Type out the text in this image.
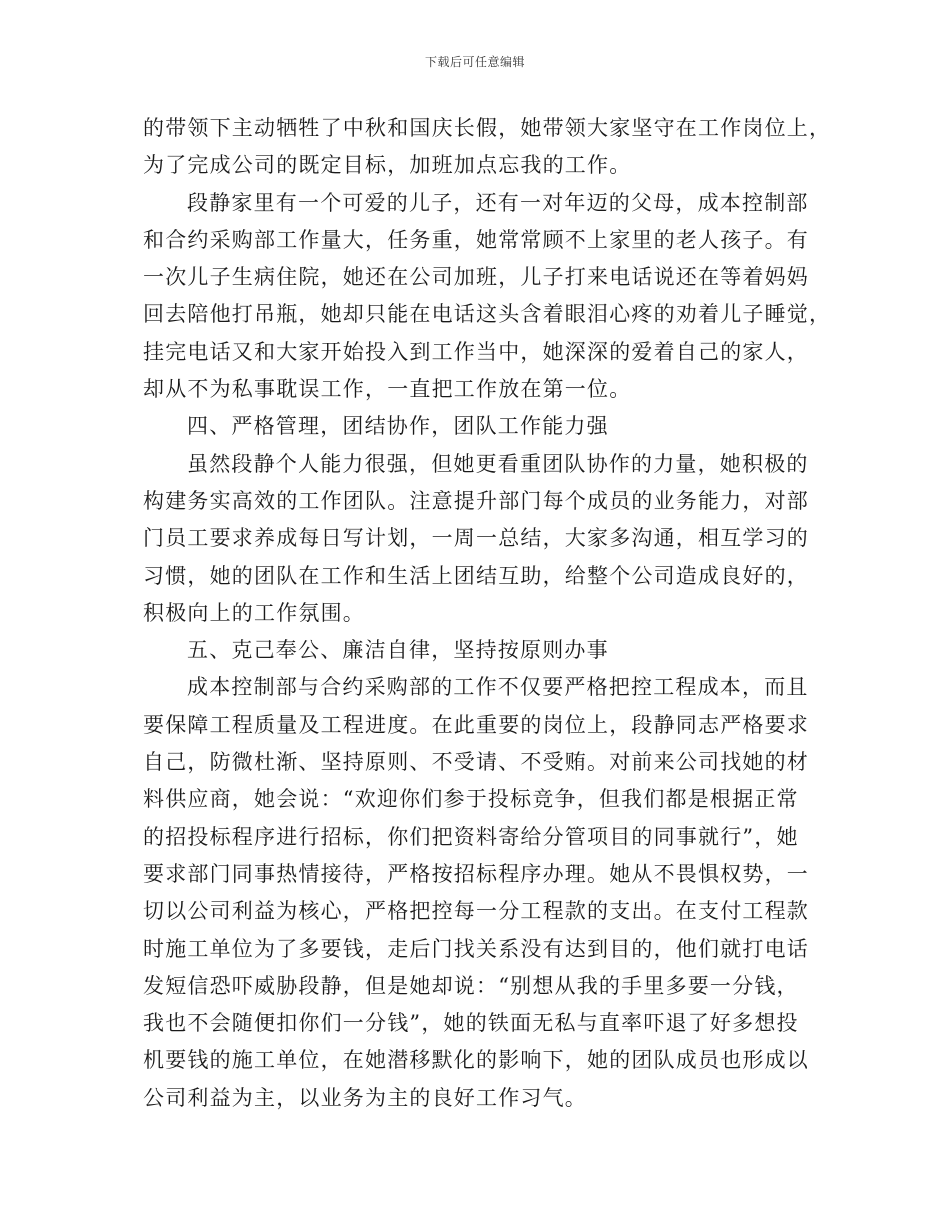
下载后可任意编辑
的带领下主动牺牲了中秋和国庆长假，她带领大家坚守在工作岗位上，
为了完成公司的既定目标，加班加点忘我的工作。
段静家里有一个可爱的儿子，还有一对年迈的父母，成本控制部
和合约采购部工作量大，任务重，她常常顾不上家里的老人孩子。有
一次儿子生病住院，她还在公司加班，儿子打来电话说还在等着妈妈
回去陪他打吊瓶，她却只能在电话这头含着眼泪心疼的劝着儿子睡觉，
挂完电话又和大家开始投入到工作当中，她深深的爱着自己的家人，
却从不为私事耽误工作，一直把工作放在第一位。
四、严格管理，团结协作，团队工作能力强
虽然段静个人能力很强，但她更看重团队协作的力量，她积极的
构建务实高效的工作团队。注意提升部门每个成员的业务能力，对部
门员工要求养成每日写计划，一周一总结，大家多沟通，相互学习的
习惯，她的团队在工作和生活上团结互助，给整个公司造成良好的，
积极向上的工作氛围。
五、克己奉公、廉洁自律，坚持按原则办事
成本控制部与合约采购部的工作不仅要严格把控工程成本，而且
要保障工程质量及工程进度。在此重要的岗位上，段静同志严格要求
自己，防微杜渐、坚持原则、不受请、不受贿。对前来公司找她的材
料供应商，她会说：“欢迎你们参于投标竞争，但我们都是根据正常
的招投标程序进行招标，你们把资料寄给分管项目的同事就行”，她
要求部门同事热情接待，严格按招标程序办理。她从不畏惧权势，一
切以公司利益为核心，严格把控每一分工程款的支出。在支付工程款
时施工单位为了多要钱，走后门找关系没有达到目的，他们就打电话
发短信恐吓威胁段静，但是她却说：“别想从我的手里多要一分钱，
我也不会随便扣你们一分钱”，她的铁面无私与直率吓退了好多想投
机要钱的施工单位，在她潜移默化的影响下，她的团队成员也形成以
公司利益为主，以业务为主的良好工作习气。
